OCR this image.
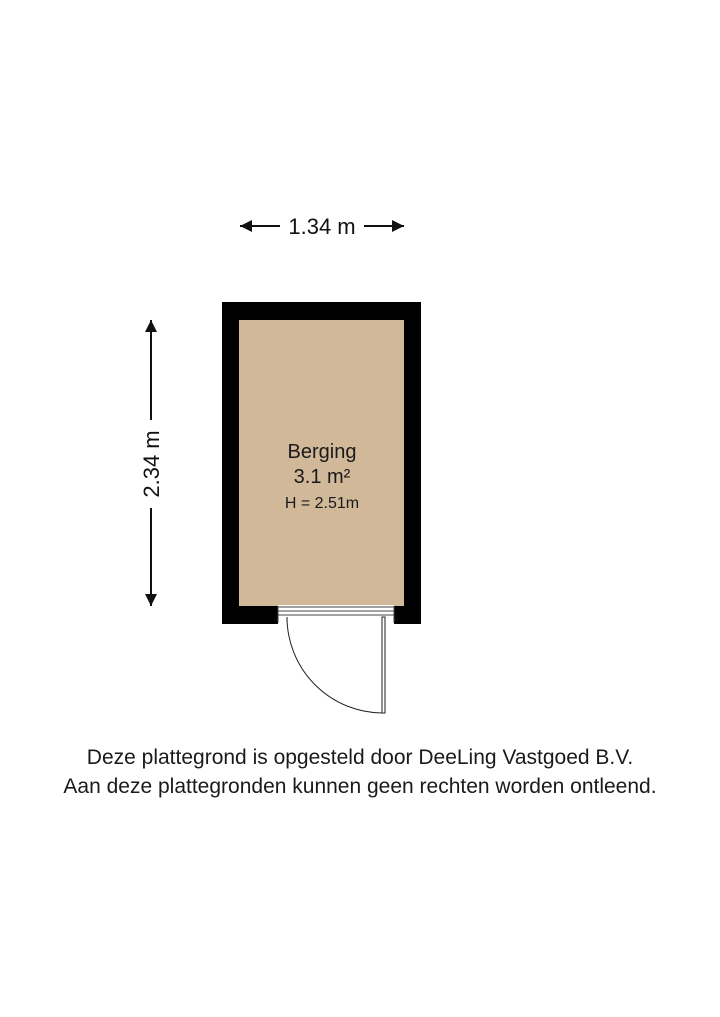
1.34 m
2.34 m	Berging
3.1 m²
H = 2.51m
Deze plattegrond is opgesteld door DeeLing Vastgoed B.V.
Aan deze plattegronden kunnen geen rechten worden ontleend.
